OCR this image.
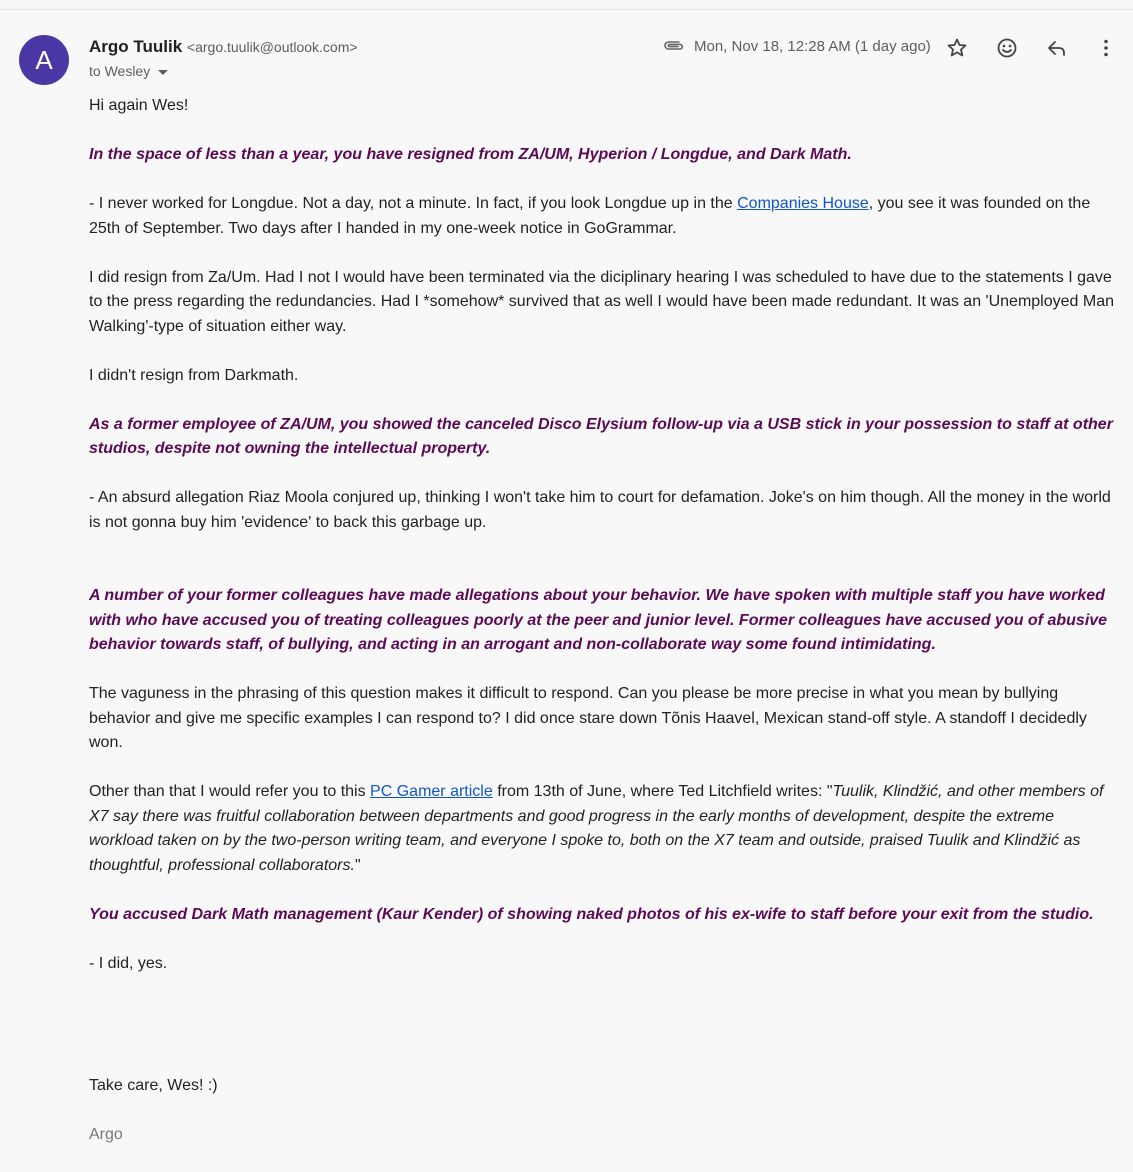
A	Argo Tuulik <argo.tuulik@outlook.com>
to Wesley
Mon, Nov 18, 12:28 AM (1 day ago)

Hi again Wes!

In the space of less than a year, you have resigned from ZA/UM, Hyperion / Longdue, and Dark Math.

- I never worked for Longdue. Not a day, not a minute. In fact, if you look Longdue up in the Companies House, you see it was founded on the 25th of September. Two days after I handed in my one-week notice in GoGrammar.

I did resign from Za/Um. Had I not I would have been terminated via the diciplinary hearing I was scheduled to have due to the statements I gave to the press regarding the redundancies. Had I *somehow* survived that as well I would have been made redundant. It was an 'Unemployed Man Walking'-type of situation either way.

I didn't resign from Darkmath.

As a former employee of ZA/UM, you showed the canceled Disco Elysium follow-up via a USB stick in your possession to staff at other studios, despite not owning the intellectual property.

- An absurd allegation Riaz Moola conjured up, thinking I won't take him to court for defamation. Joke's on him though. All the money in the world is not gonna buy him 'evidence' to back this garbage up.

A number of your former colleagues have made allegations about your behavior. We have spoken with multiple staff you have worked with who have accused you of treating colleagues poorly at the peer and junior level. Former colleagues have accused you of abusive behavior towards staff, of bullying, and acting in an arrogant and non-collaborate way some found intimidating.

The vaguness in the phrasing of this question makes it difficult to respond. Can you please be more precise in what you mean by bullying behavior and give me specific examples I can respond to? I did once stare down Tõnis Haavel, Mexican stand-off style. A standoff I decidedly won.

Other than that I would refer you to this PC Gamer article from 13th of June, where Ted Litchfield writes: "Tuulik, Klindžić, and other members of X7 say there was fruitful collaboration between departments and good progress in the early months of development, despite the extreme workload taken on by the two-person writing team, and everyone I spoke to, both on the X7 team and outside, praised Tuulik and Klindžić as thoughtful, professional collaborators."

You accused Dark Math management (Kaur Kender) of showing naked photos of his ex-wife to staff before your exit from the studio.

- I did, yes.

Take care, Wes! :)

Argo
